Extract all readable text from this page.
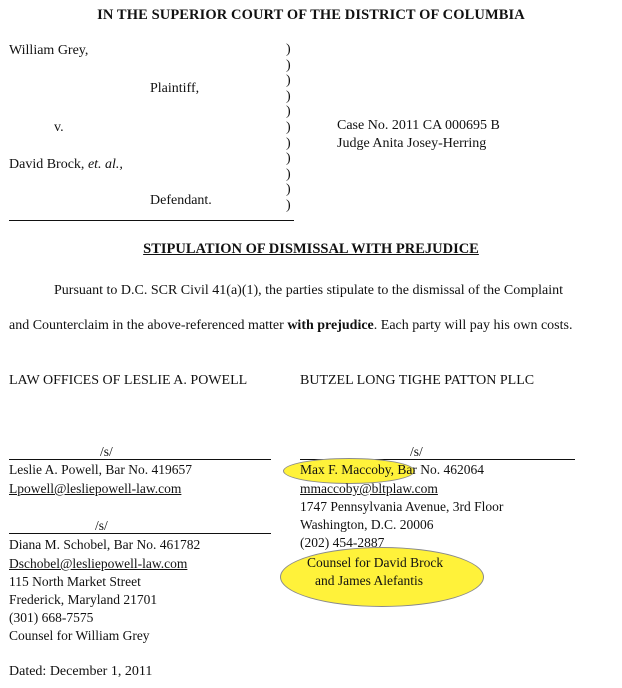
IN THE SUPERIOR COURT OF THE DISTRICT OF COLUMBIA
William Grey,
Plaintiff,
v.
David Brock, et. al.,
Defendant.
)
)
)
)
)
)
)
)
)
)
)
Case No. 2011 CA 000695 B
Judge Anita Josey-Herring
STIPULATION OF DISMISSAL WITH PREJUDICE
Pursuant to D.C. SCR Civil 41(a)(1), the parties stipulate to the dismissal of the Complaint
and Counterclaim in the above-referenced matter with prejudice. Each party will pay his own costs.
LAW OFFICES OF LESLIE A. POWELL	BUTZEL LONG TIGHE PATTON PLLC
/s/
Leslie A. Powell, Bar No. 419657
Lpowell@lesliepowell-law.com
/s/
Diana M. Schobel, Bar No. 461782
Dschobel@lesliepowell-law.com
115 North Market Street
Frederick, Maryland 21701
(301) 668-7575
Counsel for William Grey
/s/
Max F. Maccoby, Bar No. 462064
mmaccoby@bltplaw.com
1747 Pennsylvania Avenue, 3rd Floor
Washington, D.C. 20006
(202) 454-2887
Counsel for David Brock
and James Alefantis
Dated: December 1, 2011
